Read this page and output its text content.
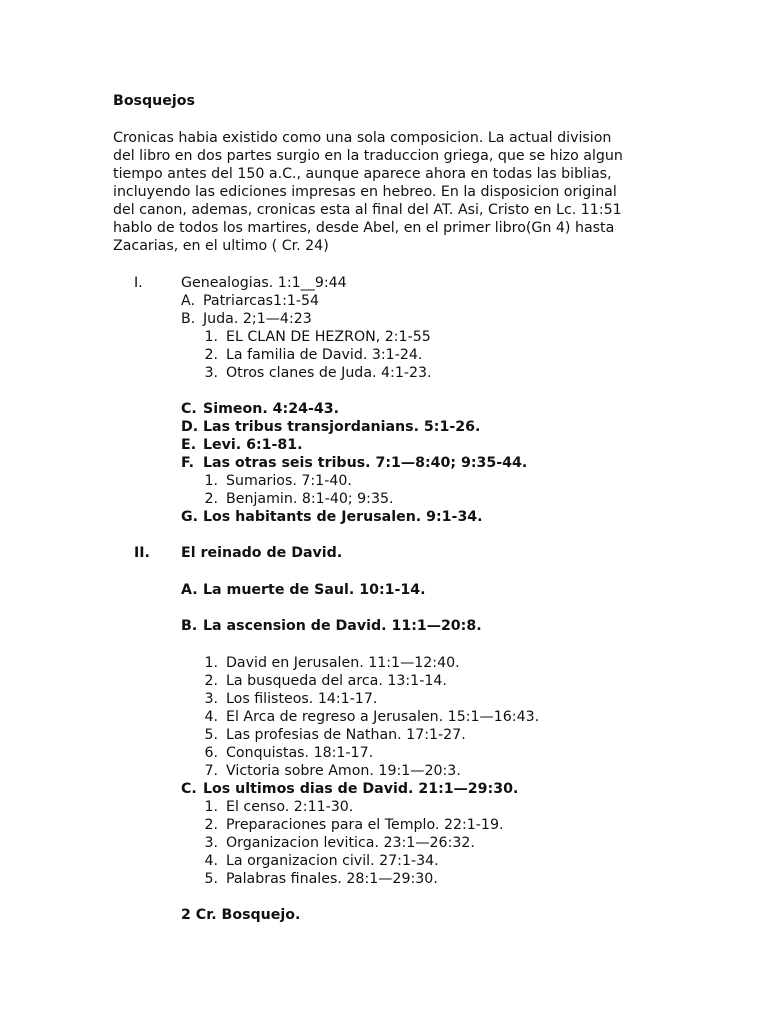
Bosquejos

Cronicas habia existido como una sola composicion. La actual division
del libro en dos partes surgio en la traduccion griega, que se hizo algun
tiempo antes del 150 a.C., aunque aparece ahora en todas las biblias,
incluyendo las ediciones impresas en hebreo. En la disposicion original
del canon, ademas, cronicas esta al final del AT. Asi, Cristo en Lc. 11:51
hablo de todos los martires, desde Abel, en el primer libro(Gn 4) hasta
Zacarias, en el ultimo ( Cr. 24)

I.	Genealogias. 1:1__9:44
A. Patriarcas1:1-54
B. Juda. 2;1—4:23
1. EL CLAN DE HEZRON, 2:1-55
2. La familia de David. 3:1-24.
3. Otros clanes de Juda. 4:1-23.
C. Simeon. 4:24-43.
D. Las tribus transjordanians. 5:1-26.
E. Levi. 6:1-81.
F. Las otras seis tribus. 7:1—8:40; 9:35-44.
1. Sumarios. 7:1-40.
2. Benjamin. 8:1-40; 9:35.
G. Los habitants de Jerusalen. 9:1-34.
II. El reinado de David.
A. La muerte de Saul. 10:1-14.
B. La ascension de David. 11:1—20:8.
1. David en Jerusalen. 11:1—12:40.
2. La busqueda del arca. 13:1-14.
3. Los filisteos. 14:1-17.
4. El Arca de regreso a Jerusalen. 15:1—16:43.
5. Las profesias de Nathan. 17:1-27.
6. Conquistas. 18:1-17.
7. Victoria sobre Amon. 19:1—20:3.
C. Los ultimos dias de David. 21:1—29:30.
1. El censo. 2:11-30.
2. Preparaciones para el Templo. 22:1-19.
3. Organizacion levitica. 23:1—26:32.
4. La organizacion civil. 27:1-34.
5. Palabras finales. 28:1—29:30.
2 Cr. Bosquejo.
